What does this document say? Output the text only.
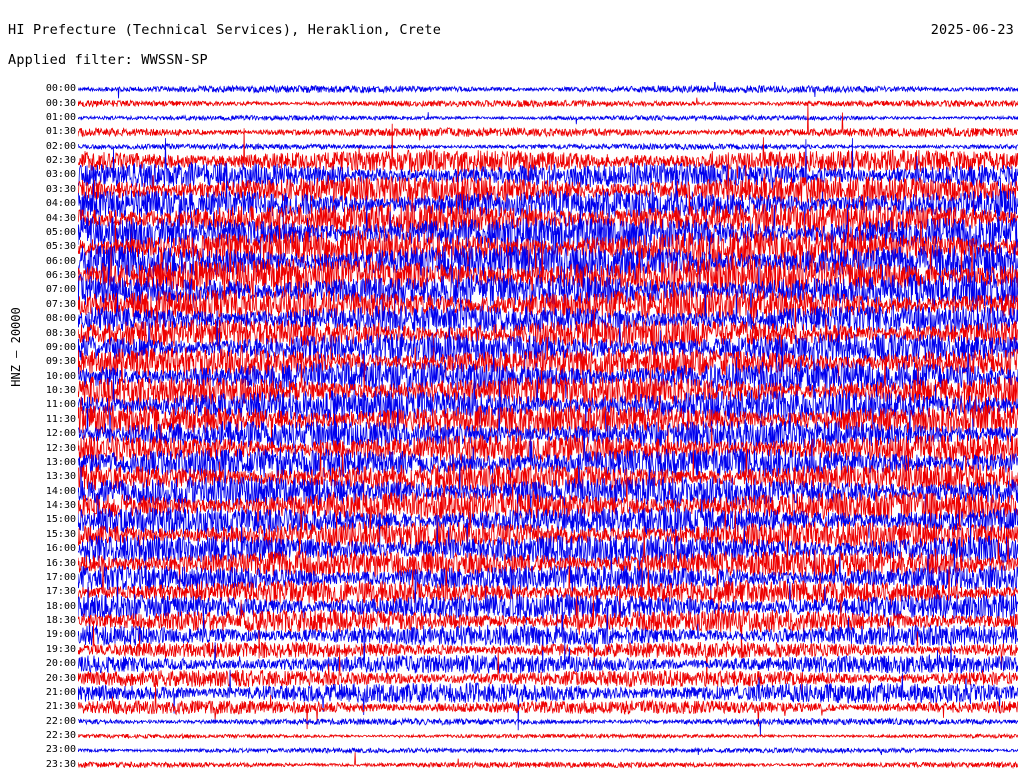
HI Prefecture (Technical Services), Heraklion, Crete	2025-06-23
Applied filter: WWSSN-SP
HNZ – 20000
00:00
00:30
01:00
01:30
02:00
02:30
03:00
03:30
04:00
04:30
05:00
05:30
06:00
06:30
07:00
07:30
08:00
08:30
09:00
09:30
10:00
10:30
11:00
11:30
12:00
12:30
13:00
13:30
14:00
14:30
15:00
15:30
16:00
16:30
17:00
17:30
18:00
18:30
19:00
19:30
20:00
20:30
21:00
21:30
22:00
22:30
23:00
23:30
